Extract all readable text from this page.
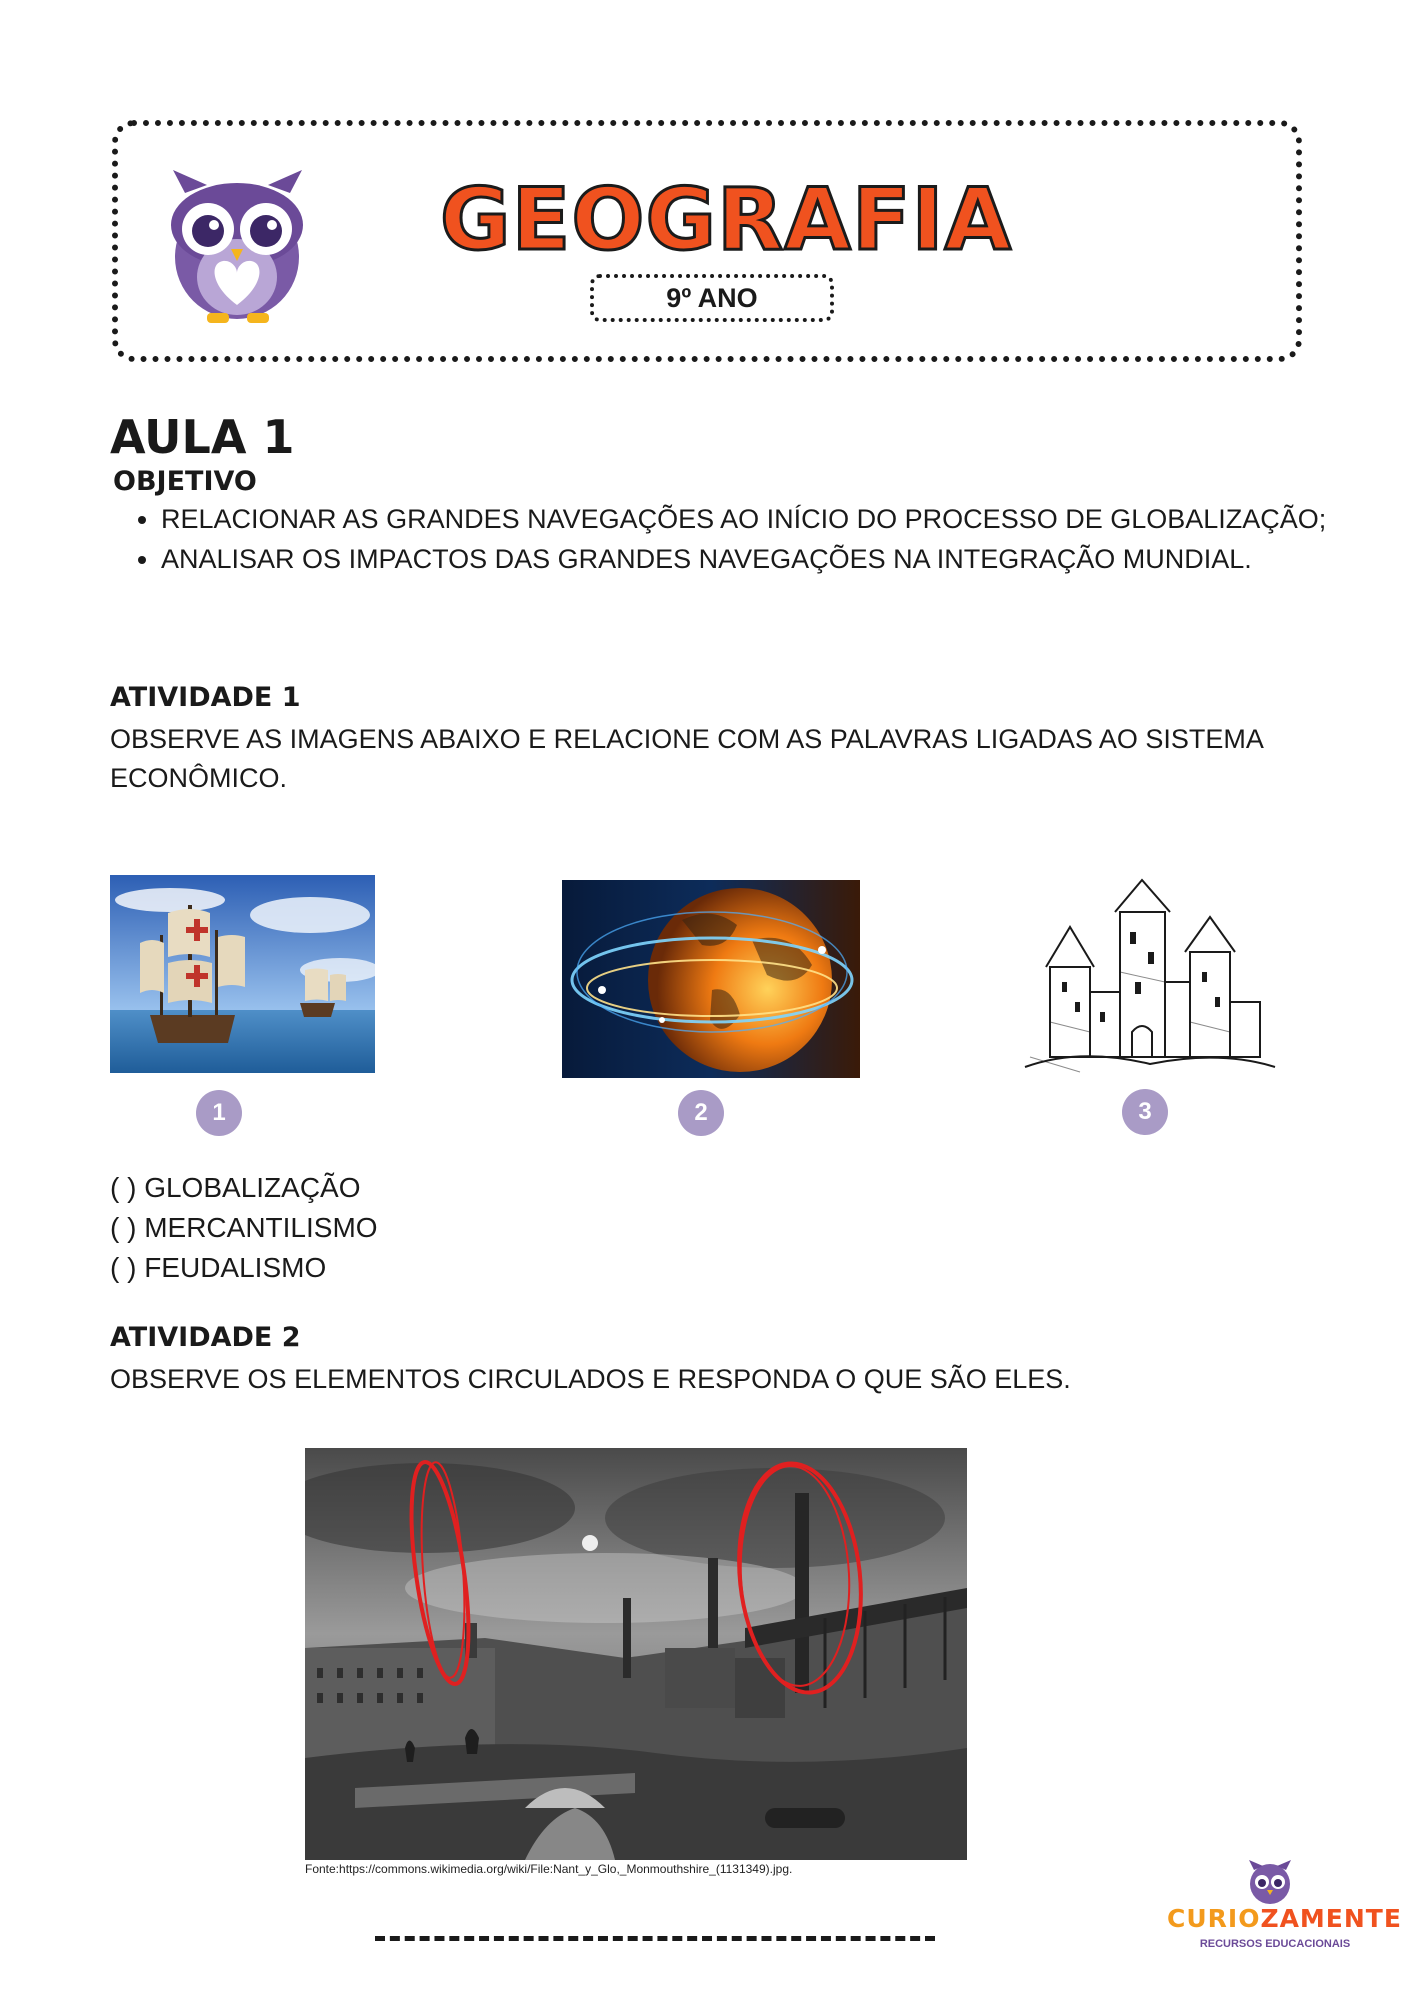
GEOGRAFIA
9º ANO
AULA 1
OBJETIVO
• RELACIONAR AS GRANDES NAVEGAÇÕES AO INÍCIO DO PROCESSO DE GLOBALIZAÇÃO;
• ANALISAR OS IMPACTOS DAS GRANDES NAVEGAÇÕES NA INTEGRAÇÃO MUNDIAL.
ATIVIDADE 1
OBSERVE AS IMAGENS ABAIXO E RELACIONE COM AS PALAVRAS LIGADAS AO SISTEMA ECONÔMICO.
1	2	3
( ) GLOBALIZAÇÃO
( ) MERCANTILISMO
( ) FEUDALISMO
ATIVIDADE 2
OBSERVE OS ELEMENTOS CIRCULADOS E RESPONDA O QUE SÃO ELES.
Fonte:https://commons.wikimedia.org/wiki/File:Nant_y_Glo,_Monmouthshire_(1131349).jpg.
CURIOZAMENTE
RECURSOS EDUCACIONAIS
